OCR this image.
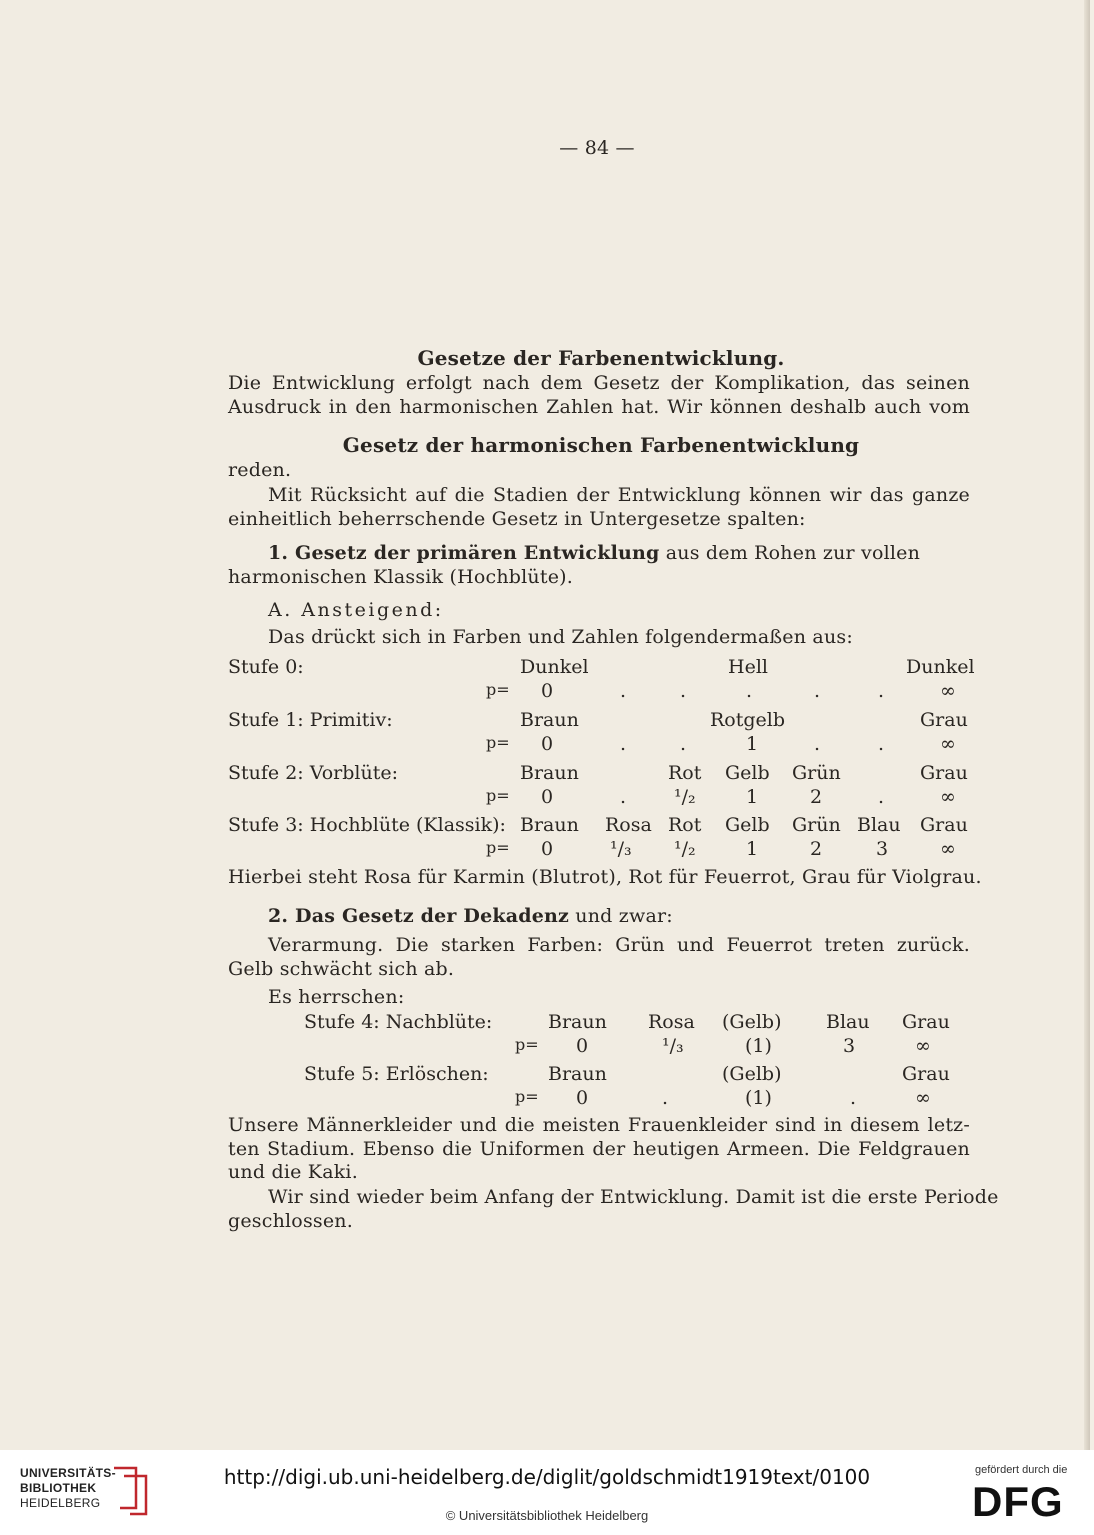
— 84 —
Gesetze der Farbenentwicklung.
Die Entwicklung erfolgt nach dem Gesetz der Komplikation, das seinen
Ausdruck in den harmonischen Zahlen hat. Wir können deshalb auch vom
Gesetz der harmonischen Farbenentwicklung
reden.
Mit Rücksicht auf die Stadien der Entwicklung können wir das ganze
einheitlich beherrschende Gesetz in Untergesetze spalten:
1. Gesetz der primären Entwicklung aus dem Rohen zur vollen
harmonischen Klassik (Hochblüte).
A. Ansteigend:
Das drückt sich in Farben und Zahlen folgendermaßen aus:
Stufe 0:	Dunkel	Hell	Dunkel
p= 0	.	.	.	.	.	∞
Stufe 1: Primitiv:	Braun	Rotgelb	Grau
p= 0	.	.	1	.	.	∞
Stufe 2: Vorblüte:	Braun	Rot Gelb Grün	Grau
p= 0	.	¹/₂	1	2	.	∞
Stufe 3: Hochblüte (Klassik): Braun Rosa Rot Gelb Grün Blau Grau
p= 0	¹/₃ ¹/₂	1	2	3	∞
Hierbei steht Rosa für Karmin (Blutrot), Rot für Feuerrot, Grau für Violgrau.
2. Das Gesetz der Dekadenz und zwar:
Verarmung. Die starken Farben: Grün und Feuerrot treten zurück.
Gelb schwächt sich ab.
Es herrschen:
Stufe 4: Nachblüte:	Braun Rosa (Gelb) Blau Grau
p= 0	¹/₃	(1)	3	∞
Stufe 5: Erlöschen:	Braun	(Gelb)	Grau
p= 0	.	(1)	.	∞
Unsere Männerkleider und die meisten Frauenkleider sind in diesem letz-
ten Stadium. Ebenso die Uniformen der heutigen Armeen. Die Feldgrauen
und die Kaki.
Wir sind wieder beim Anfang der Entwicklung. Damit ist die erste Periode
geschlossen.
UNIVERSITÄTS-
BIBLIOTHEK
HEIDELBERG
http://digi.ub.uni-heidelberg.de/diglit/goldschmidt1919text/0100
© Universitätsbibliothek Heidelberg
gefördert durch die
DFG
